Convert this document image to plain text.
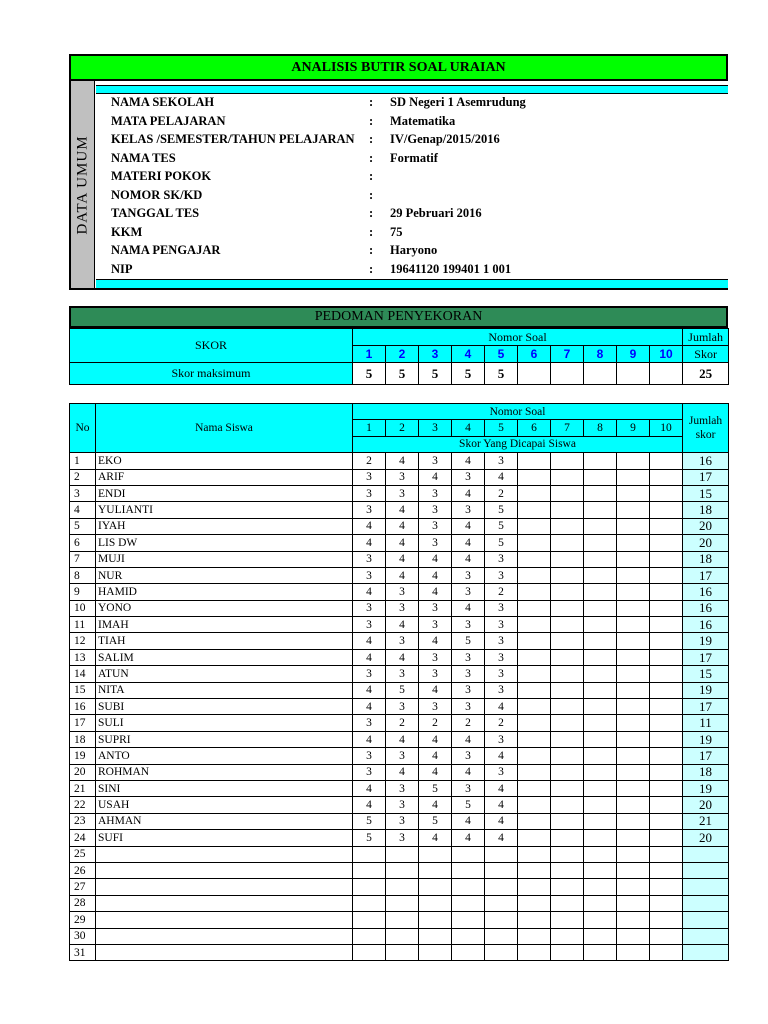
ANALISIS BUTIR SOAL URAIAN
DATA UMUM
NAMA SEKOLAH	: SD Negeri 1 Asemrudung
MATA PELAJARAN	: Matematika
KELAS /SEMESTER/TAHUN PELAJARAN	: IV/Genap/2015/2016
NAMA TES	: Formatif
MATERI POKOK	:
NOMOR SK/KD	:
TANGGAL TES	: 29 Pebruari 2016
KKM	: 75
NAMA PENGAJAR	: Haryono
NIP	: 19641120 199401 1 001
PEDOMAN PENYEKORAN
SKOR	Nomor Soal										Jumlah
	1	2	3	4	5	6	7	8	9	10	Skor
Skor maksimum	5	5	5	5	5						25
No	Nama Siswa	Nomor Soal										Jumlah
skor

		1	2	3	4	5	6	7	8	9	10	
		Skor Yang Dicapai Siswa										
1	EKO	2	4	3	4	3						16
2	ARIF	3	3	4	3	4						17
3	ENDI	3	3	3	4	2						15
4	YULIANTI	3	4	3	3	5						18
5	IYAH	4	4	3	4	5						20
6	LIS DW	4	4	3	4	5						20
7	MUJI	3	4	4	4	3						18
8	NUR	3	4	4	3	3						17
9	HAMID	4	3	4	3	2						16
10	YONO	3	3	3	4	3						16
11	IMAH	3	4	3	3	3						16
12	TIAH	4	3	4	5	3						19
13	SALIM	4	4	3	3	3						17
14	ATUN	3	3	3	3	3						15
15	NITA	4	5	4	3	3						19
16	SUBI	4	3	3	3	4						17
17	SULI	3	2	2	2	2						11
18	SUPRI	4	4	4	4	3						19
19	ANTO	3	3	4	3	4						17
20	ROHMAN	3	4	4	4	3						18
21	SINI	4	3	5	3	4						19
22	USAH	4	3	4	5	4						20
23	AHMAN	5	3	5	4	4						21
24	SUFI	5	3	4	4	4						20
25												
26												
27												
28												
29												
30												
31												
